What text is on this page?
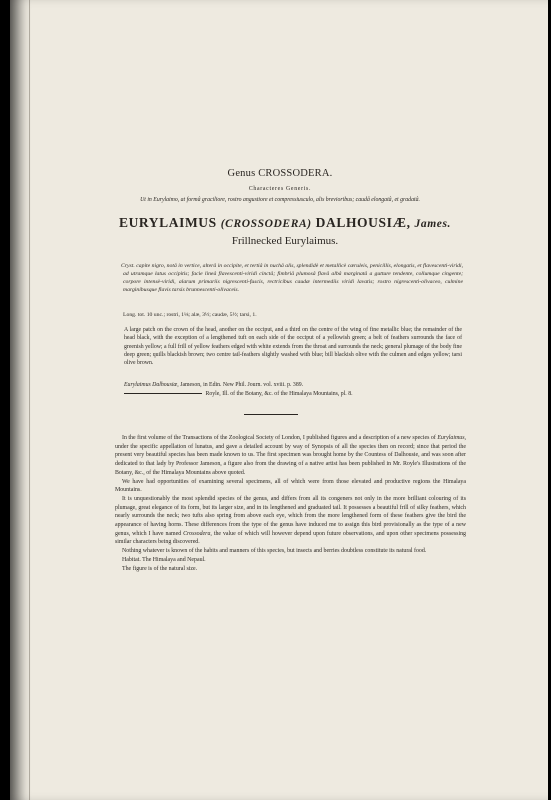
Genus CROSSODERA.
Characteres Generis.
Ut in Eurylaimo, at formâ graciliore, rostro angustiore et compressiusculo, alis brevioribus; caudâ elongatâ, et gradatâ.
EURYLAIMUS (CROSSODERA) DALHOUSIÆ, James.
Frillnecked Eurylaimus.
Cryst. capite nigro, notâ in vertice, alterâ in occipite, et tertiâ in nuchâ alis, splendidè et metallicè cæruleis, penicillis, elongatis, et flavescenti-viridi, ad utramque latus occipitis; facie lineâ flavescenti-viridi cinctâ; fimbriâ plumosâ flavâ albâ marginatâ a gutture tendente, collumque cingente; corpore intensè-viridi, alarum primariis nigrescenti-fuscis, rectricibus caudæ intermediis viridi lavatis; rostro nigrescenti-olivaceo, culmine marginibusque flavis tarsis brunnescenti-olivaceis.
Long. tot. 10 unc.; rostri, 1⅛; alæ, 3½; caudæ, 5½; tarsi, 1.
A large patch on the crown of the head, another on the occiput, and a third on the centre of the wing of fine metallic blue; the remainder of the head black, with the exception of a lengthened tuft on each side of the occiput of a yellowish green; a belt of feathers surrounds the face of greenish yellow; a full frill of yellow feathers edged with white extends from the throat and surrounds the neck; general plumage of the body fine deep green; quills blackish brown; two centre tail-feathers slightly washed with blue; bill blackish olive with the culmen and edges yellow; tarsi olive brown.
Eurylaimus Dalhousiæ, Jameson, in Edin. New Phil. Journ. vol. xviii. p. 389.
Royle, Ill. of the Botany, &c. of the Himalaya Mountains, pl. 8.

In the first volume of the Transactions of the Zoological Society of London, I published figures and a description of a new species of Eurylaimus, under the specific appellation of lunatus, and gave a detailed account by way of Synopsis of all the species then on record; since that period the present very beautiful species has been made known to us. The first specimen was brought home by the Countess of Dalhousie, and was soon after dedicated to that lady by Professor Jameson, a figure also from the drawing of a native artist has been published in Mr. Royle's Illustrations of the Botany, &c., of the Himalaya Mountains above quoted.

We have had opportunities of examining several specimens, all of which were from those elevated and productive regions the Himalaya Mountains.

It is unquestionably the most splendid species of the genus, and differs from all its congeners not only in the more brilliant colouring of its plumage, great elegance of its form, but its larger size, and in its lengthened and graduated tail. It possesses a beautiful frill of silky feathers, which nearly surrounds the neck; two tufts also spring from above each eye, which from the more lengthened form of these feathers give the bird the appearance of having horns. These differences from the type of the genus have induced me to assign this bird provisionally as the type of a new genus, which I have named Crossodera, the value of which will however depend upon future observations, and upon other specimens possessing similar characters being discovered.

Nothing whatever is known of the habits and manners of this species, but insects and berries doubtless constitute its natural food.

Habitat. The Himalaya and Nepaul.

The figure is of the natural size.
